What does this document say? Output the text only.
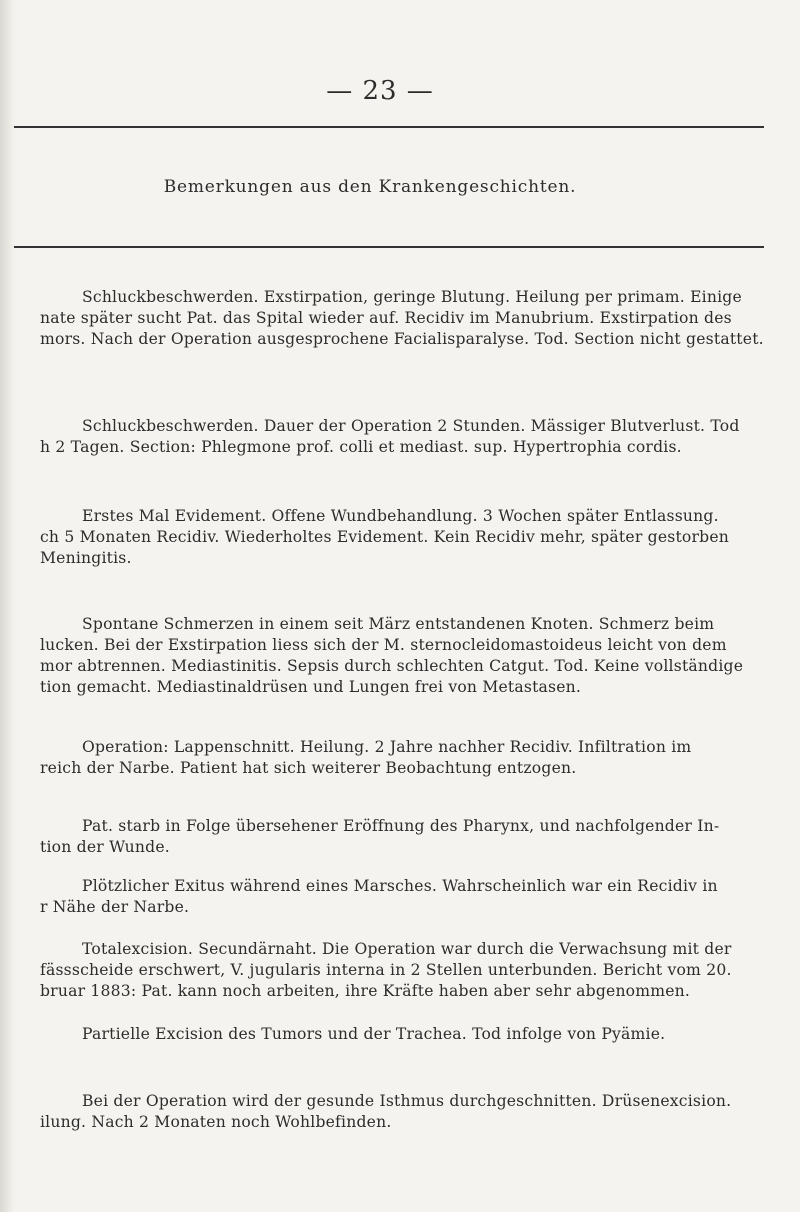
— 23 —
Bemerkungen aus den Krankengeschichten.

Schluckbeschwerden. Exstirpation, geringe Blutung. Heilung per primam. Einige
nate später sucht Pat. das Spital wieder auf. Recidiv im Manubrium. Exstirpation des
mors. Nach der Operation ausgesprochene Facialisparalyse. Tod. Section nicht gestattet.

Schluckbeschwerden. Dauer der Operation 2 Stunden. Mässiger Blutverlust. Tod
h 2 Tagen. Section: Phlegmone prof. colli et mediast. sup. Hypertrophia cordis.

Erstes Mal Evidement. Offene Wundbehandlung. 3 Wochen später Entlassung.
ch 5 Monaten Recidiv. Wiederholtes Evidement. Kein Recidiv mehr, später gestorben
Meningitis.

Spontane Schmerzen in einem seit März entstandenen Knoten. Schmerz beim
lucken. Bei der Exstirpation liess sich der M. sternocleidomastoideus leicht von dem
mor abtrennen. Mediastinitis. Sepsis durch schlechten Catgut. Tod. Keine vollständige
tion gemacht. Mediastinaldrüsen und Lungen frei von Metastasen.

Operation: Lappenschnitt. Heilung. 2 Jahre nachher Recidiv. Infiltration im
reich der Narbe. Patient hat sich weiterer Beobachtung entzogen.

Pat. starb in Folge übersehener Eröffnung des Pharynx, und nachfolgender In-
tion der Wunde.

Plötzlicher Exitus während eines Marsches. Wahrscheinlich war ein Recidiv in
r Nähe der Narbe.

Totalexcision. Secundärnaht. Die Operation war durch die Verwachsung mit der
fässscheide erschwert, V. jugularis interna in 2 Stellen unterbunden. Bericht vom 20.
bruar 1883: Pat. kann noch arbeiten, ihre Kräfte haben aber sehr abgenommen.

Partielle Excision des Tumors und der Trachea. Tod infolge von Pyämie.

Bei der Operation wird der gesunde Isthmus durchgeschnitten. Drüsenexcision.
ilung. Nach 2 Monaten noch Wohlbefinden.
